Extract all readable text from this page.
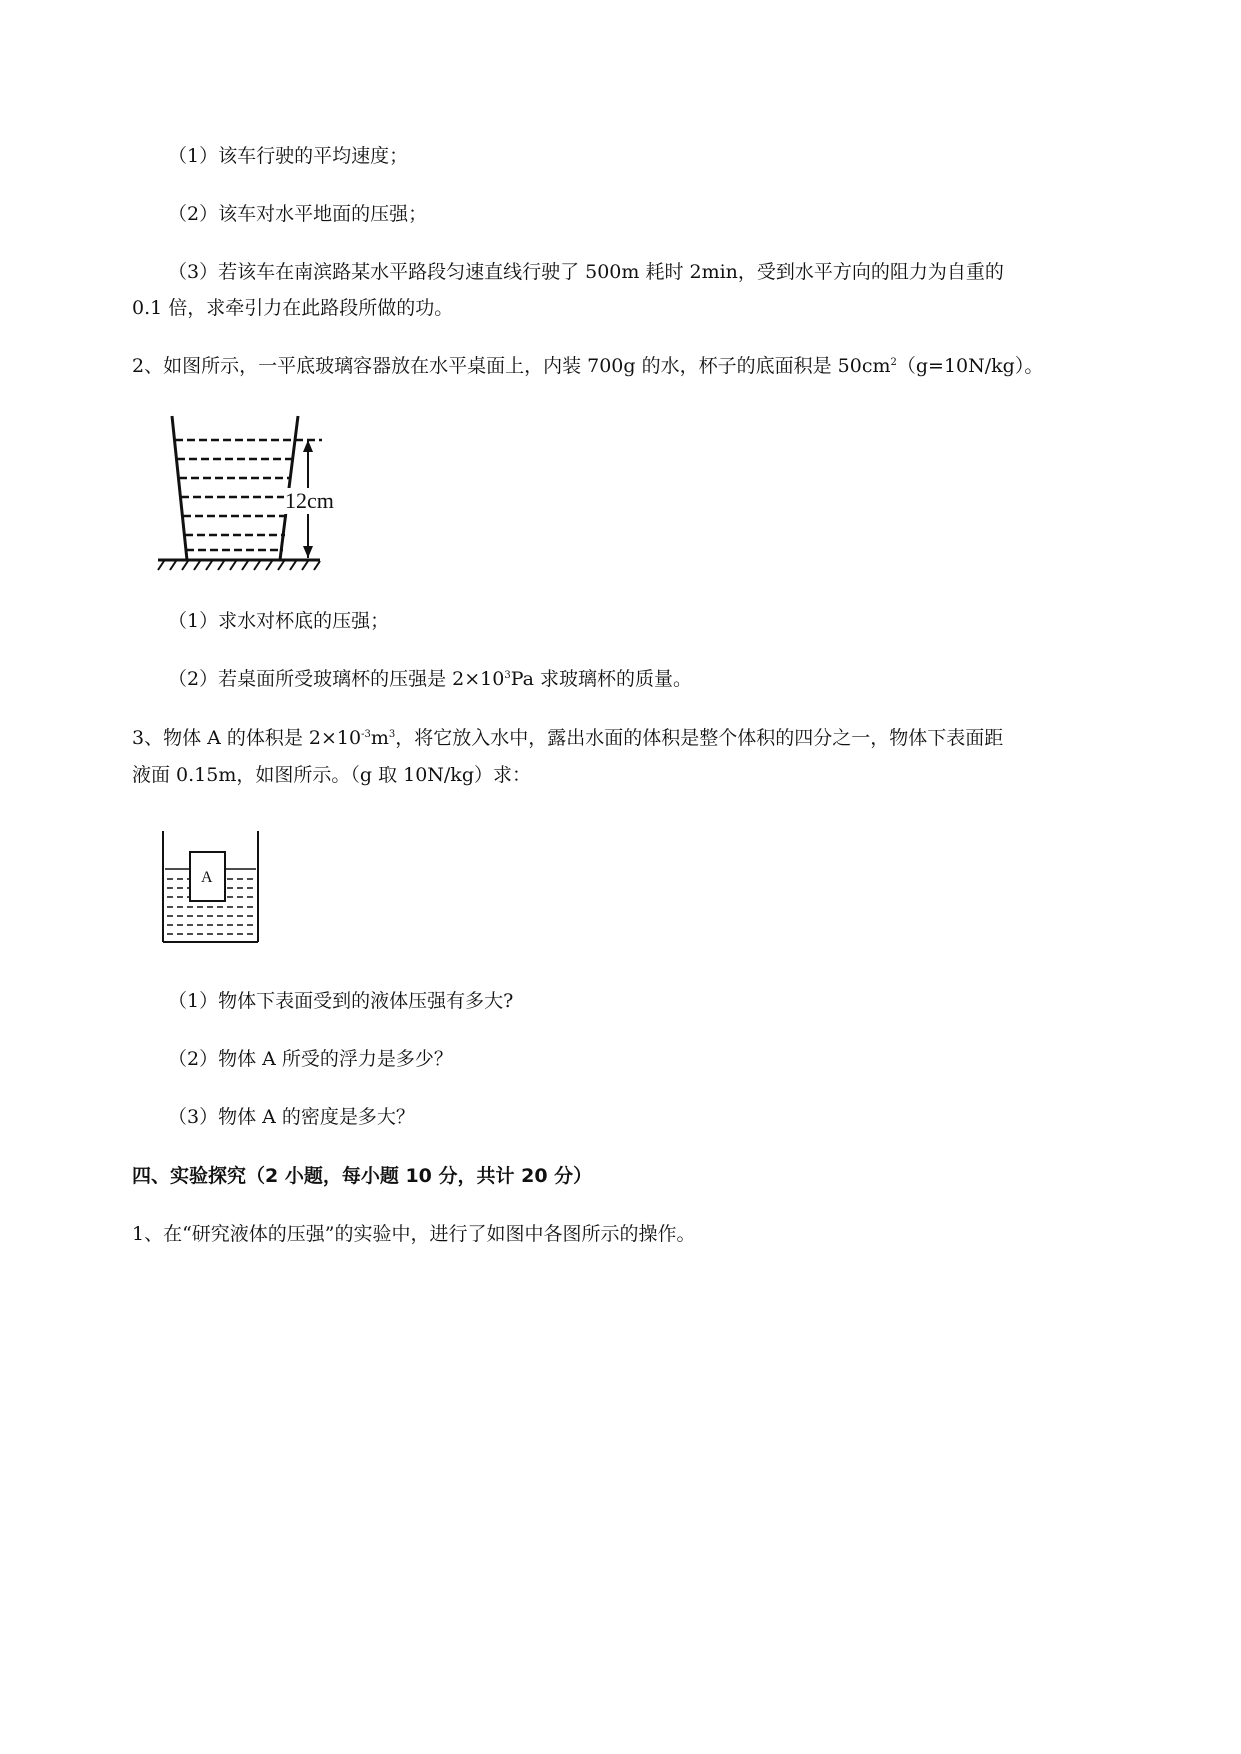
（1）该车行驶的平均速度；
（2）该车对水平地面的压强；
（3）若该车在南滨路某水平路段匀速直线行驶了 500m 耗时 2min，受到水平方向的阻力为自重的
0.1 倍，求牵引力在此路段所做的功。
2、如图所示，一平底玻璃容器放在水平桌面上，内装 700g 的水，杯子的底面积是 $50cm^2(g=10N/kg)$。
12cm
（1）求水对杯底的压强；
（2）若桌面所受玻璃杯的压强是 $2\times 10^3Pa$ 求玻璃杯的质量。
3、物体 A 的体积是 $2\times 10^{-3}m^3$，将它放入水中，露出水面的体积是整个体积的四分之一，物体下表面距
液面 0.15m，如图所示。（g 取 10N/kg）求：
A
（1）物体下表面受到的液体压强有多大?
（2）物体 A 所受的浮力是多少？
（3）物体 A 的密度是多大？
四、实验探究（2 小题，每小题 10 分，共计 20 分）
1、在“研究液体的压强”的实验中，进行了如图中各图所示的操作。
